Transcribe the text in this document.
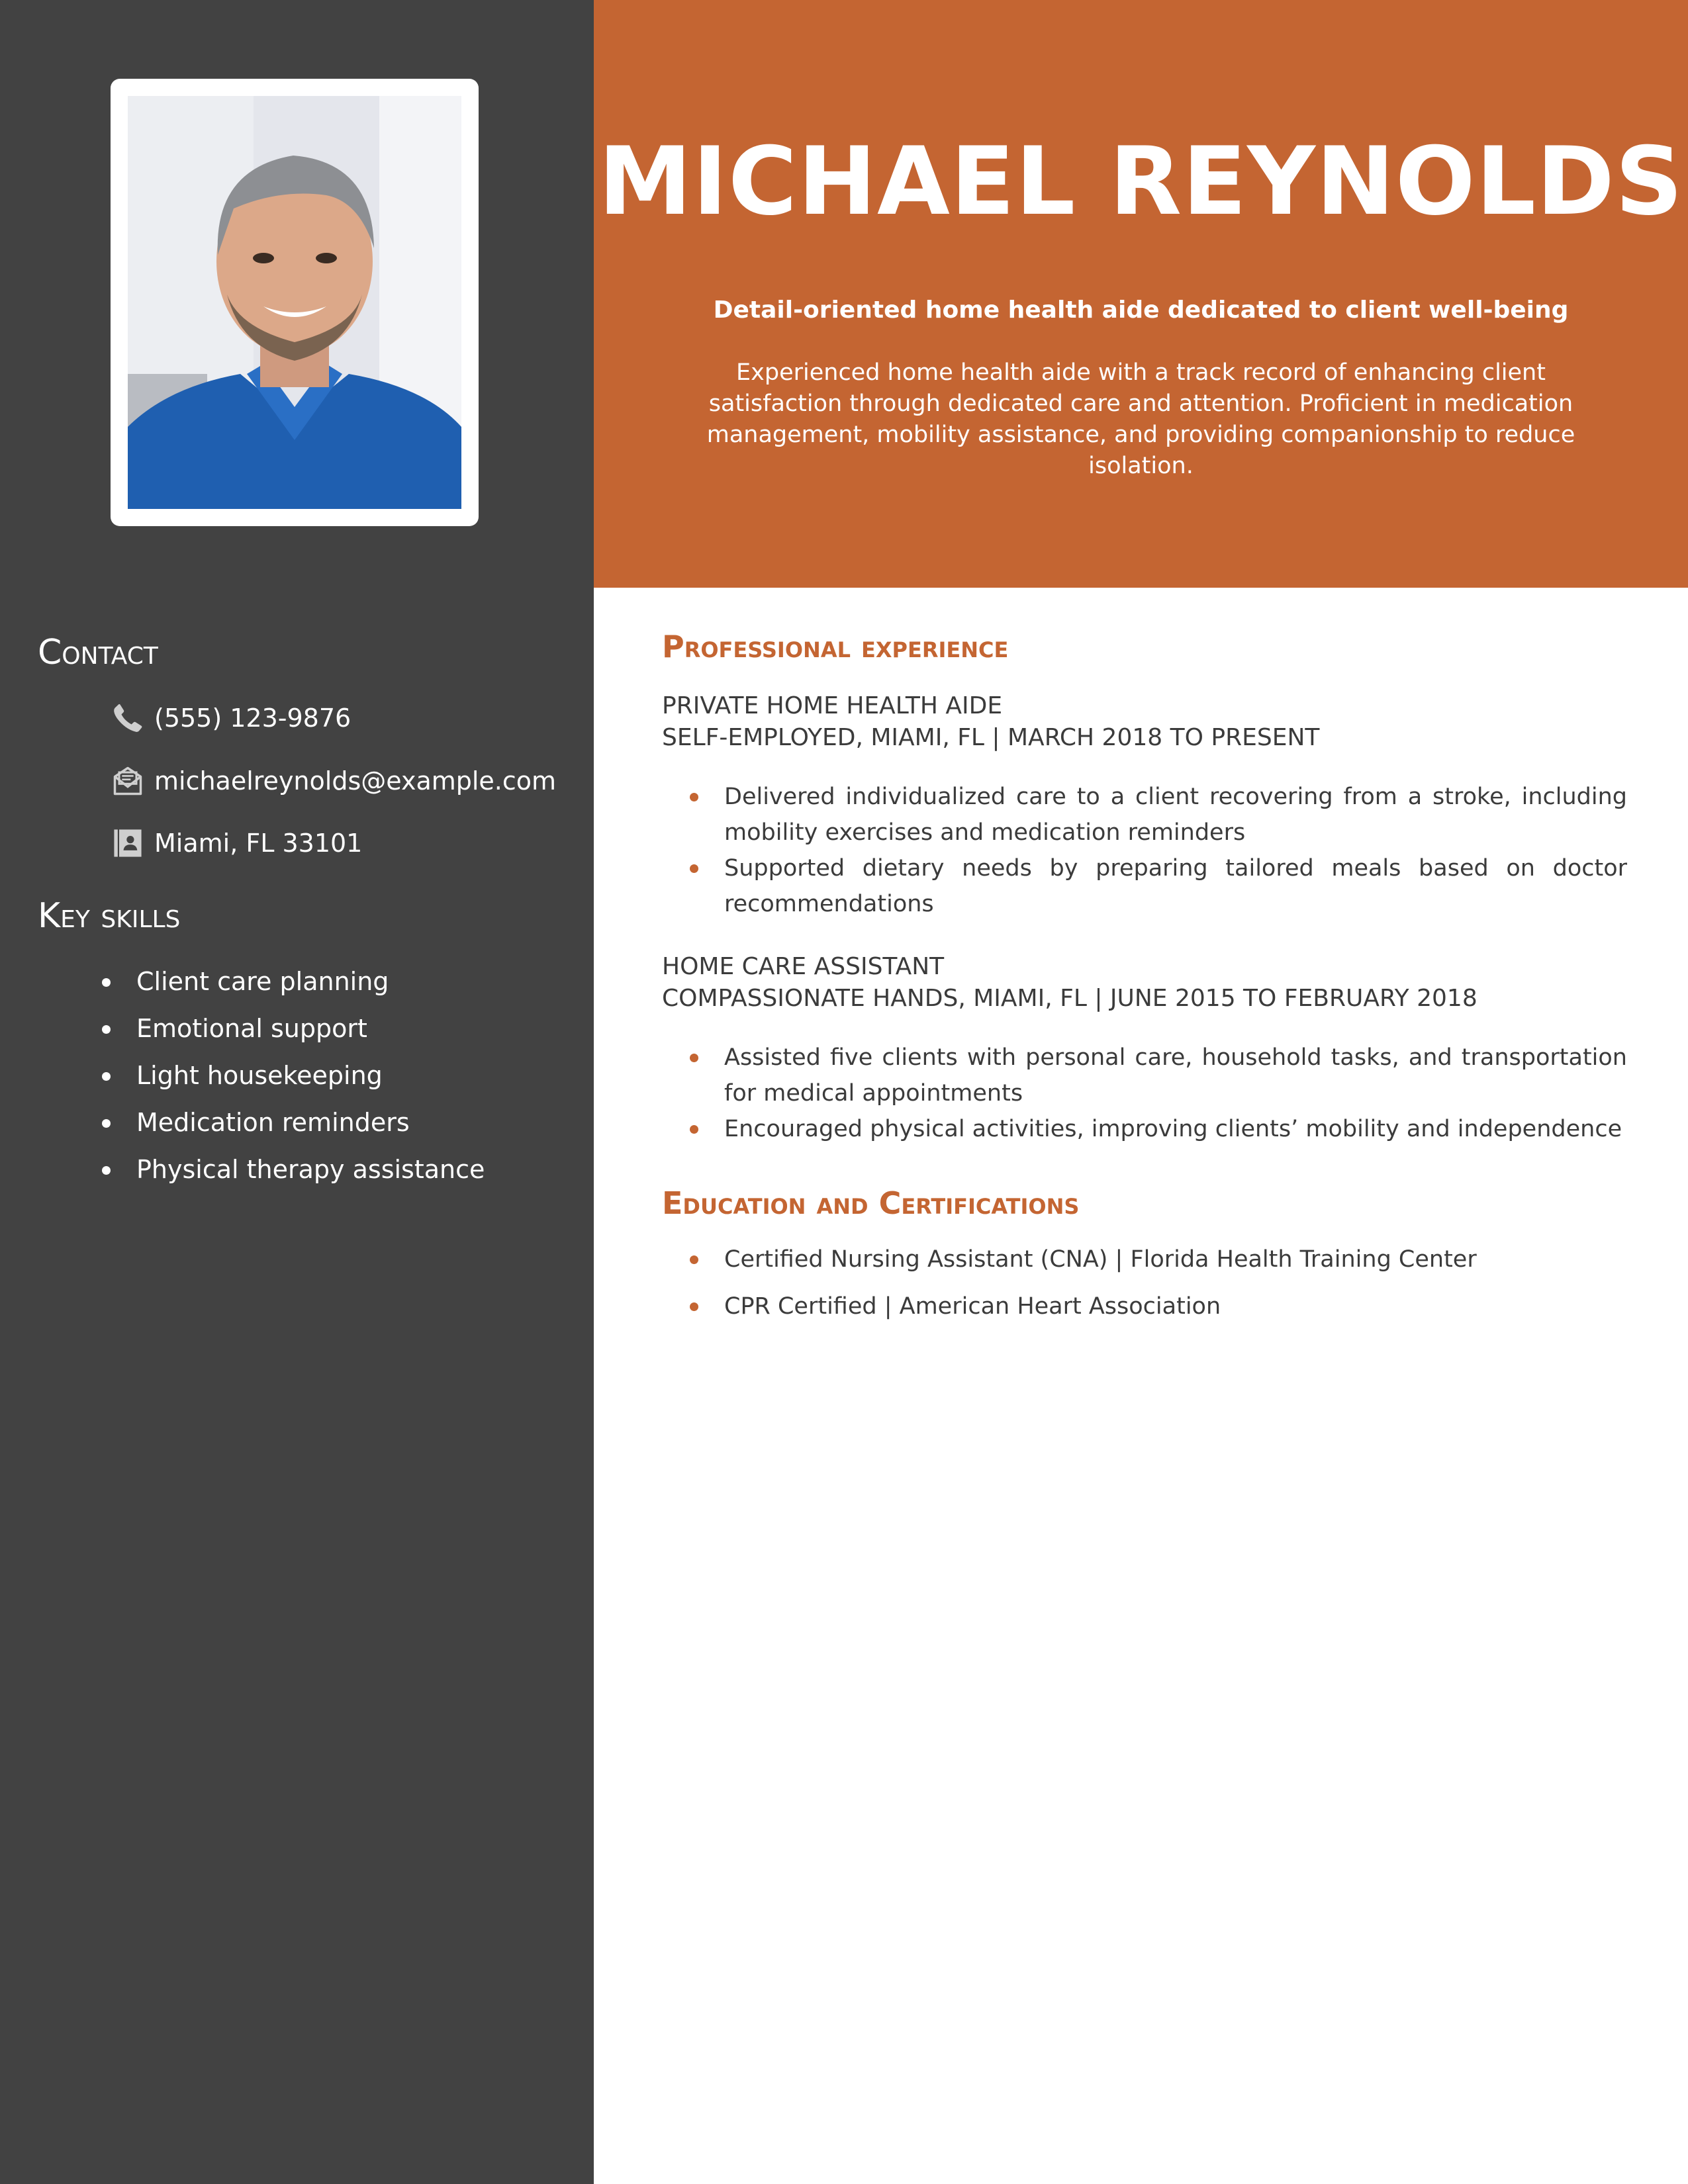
Contact
(555) 123-9876
michaelreynolds@example.com
Miami, FL 33101
Key skills
Client care planning
Emotional support
Light housekeeping
Medication reminders
Physical therapy assistance
MICHAEL REYNOLDS
Detail-oriented home health aide dedicated to client well-being
Experienced home health aide with a track record of enhancing client satisfaction through dedicated care and attention. Proficient in medication management, mobility assistance, and providing companionship to reduce isolation.
Professional experience
PRIVATE HOME HEALTH AIDE
SELF-EMPLOYED, MIAMI, FL | MARCH 2018 TO PRESENT
Delivered individualized care to a client recovering from a stroke, including mobility exercises and medication reminders
Supported dietary needs by preparing tailored meals based on doctor recommendations
HOME CARE ASSISTANT
COMPASSIONATE HANDS, MIAMI, FL | JUNE 2015 TO FEBRUARY 2018
Assisted five clients with personal care, household tasks, and transportation for medical appointments
Encouraged physical activities, improving clients’ mobility and independence
Education and Certifications
Certified Nursing Assistant (CNA) | Florida Health Training Center
CPR Certified | American Heart Association
